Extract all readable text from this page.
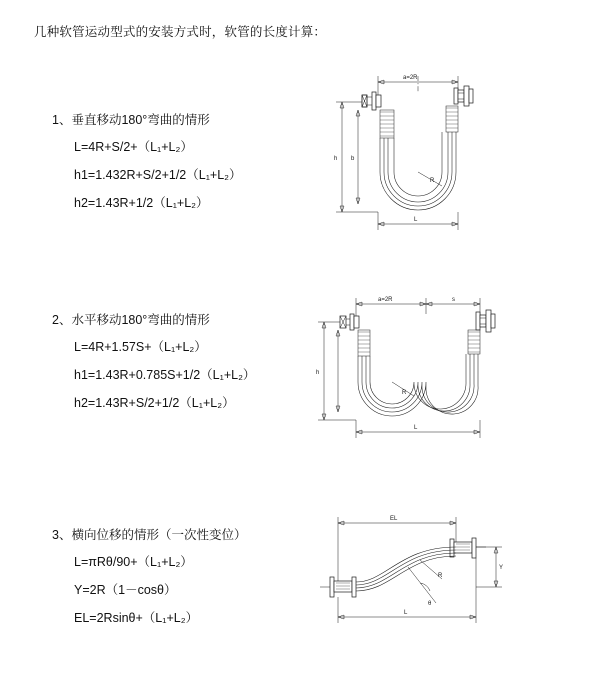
几种软管运动型式的安装方式时，软管的长度计算：
1、垂直移动180°弯曲的情形
L=4R+S/2+（L₁+L₂）
h1=1.432R+S/2+1/2（L₁+L₂）
h2=1.43R+1/2（L₁+L₂）
a=2R
R
h b
L
2、水平移动180°弯曲的情形
L=4R+1.57S+（L₁+L₂）
h1=1.43R+0.785S+1/2（L₁+L₂）
h2=1.43R+S/2+1/2（L₁+L₂）
a=2R	s
R
h
L
3、横向位移的情形（一次性变位）
L=πRθ/90+（L₁+L₂）
Y=2R（1－cosθ）
EL=2Rsinθ+（L₁+L₂）
EL
θ
R
Y
L
